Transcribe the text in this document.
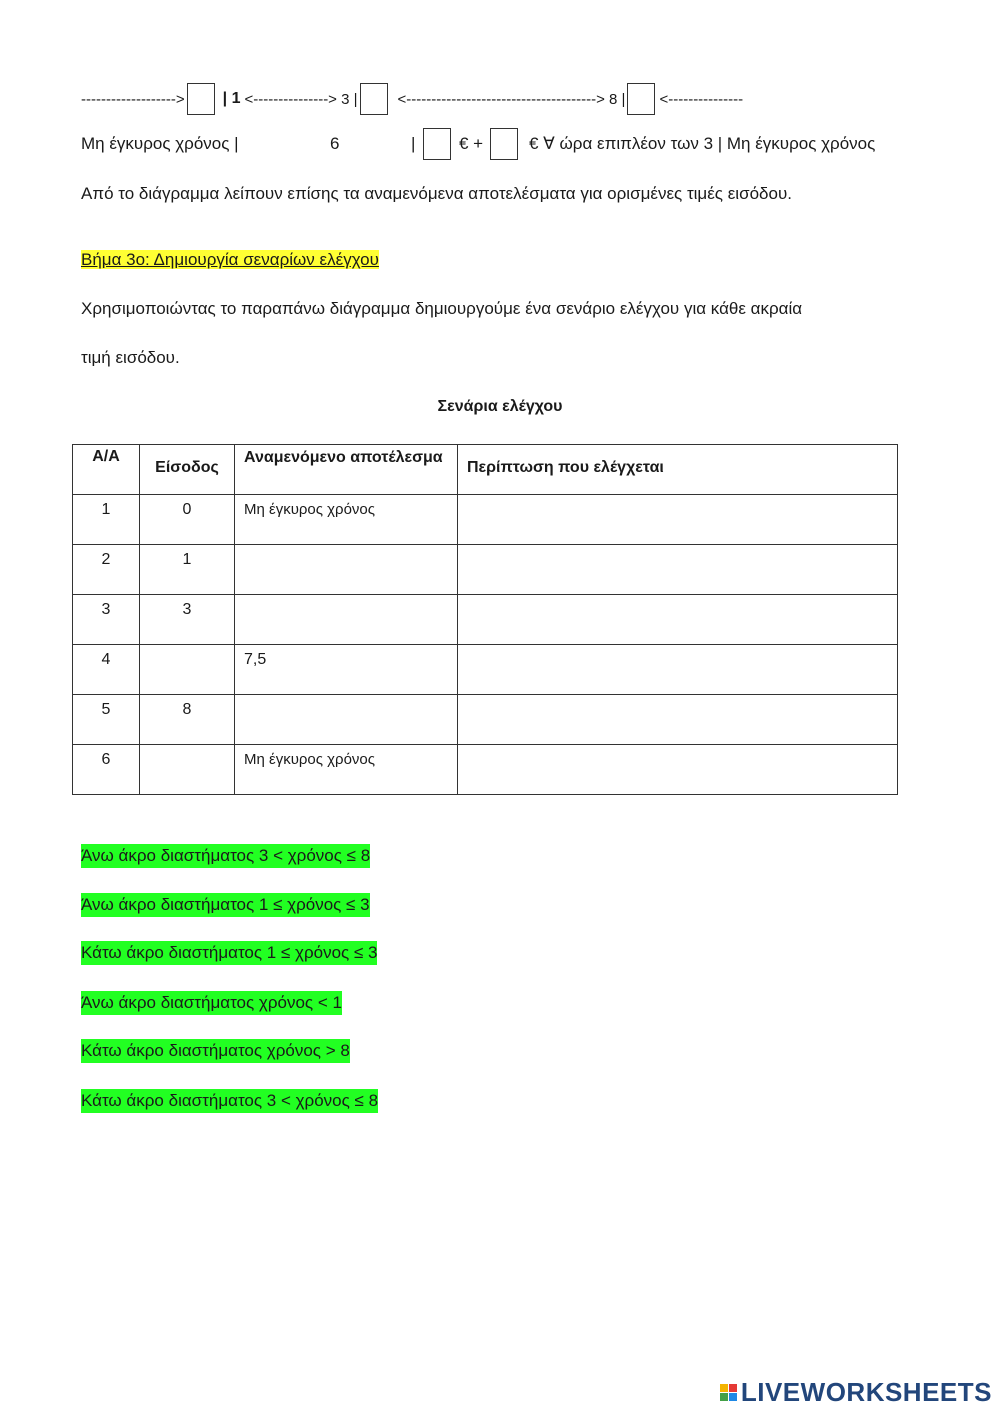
-------------------> | 1 <---------------> 3 |	<--------------------------------------> 8 | <---------------
Μη έγκυρος χρόνος |	6	|	€ +	€ ∀ ώρα επιπλέον των 3 | Μη έγκυρος χρόνος
Από το διάγραμμα λείπουν επίσης τα αναμενόμενα αποτελέσματα για ορισμένες τιμές εισόδου.
Βήμα 3ο: Δημιουργία σεναρίων ελέγχου
Χρησιμοποιώντας το παραπάνω διάγραμμα δημιουργούμε ένα σενάριο ελέγχου για κάθε ακραία
τιμή εισόδου.
Σενάρια ελέγχου
Α/Α	Είσοδος	Αναμενόμενο αποτέλεσμα	Περίπτωση που ελέγχεται

1	0	Μη έγκυρος χρόνος	

2	1		

3	3		

4		7,5	

5	8		

6		Μη έγκυρος χρόνος	

Άνω άκρο διαστήματος 3 < χρόνος ≤ 8
Άνω άκρο διαστήματος 1 ≤ χρόνος ≤ 3
Κάτω άκρο διαστήματος 1 ≤ χρόνος ≤ 3
Άνω άκρο διαστήματος χρόνος < 1
Κάτω άκρο διαστήματος χρόνος > 8
Κάτω άκρο διαστήματος 3 < χρόνος ≤ 8
LIVEWORKSHEETS
